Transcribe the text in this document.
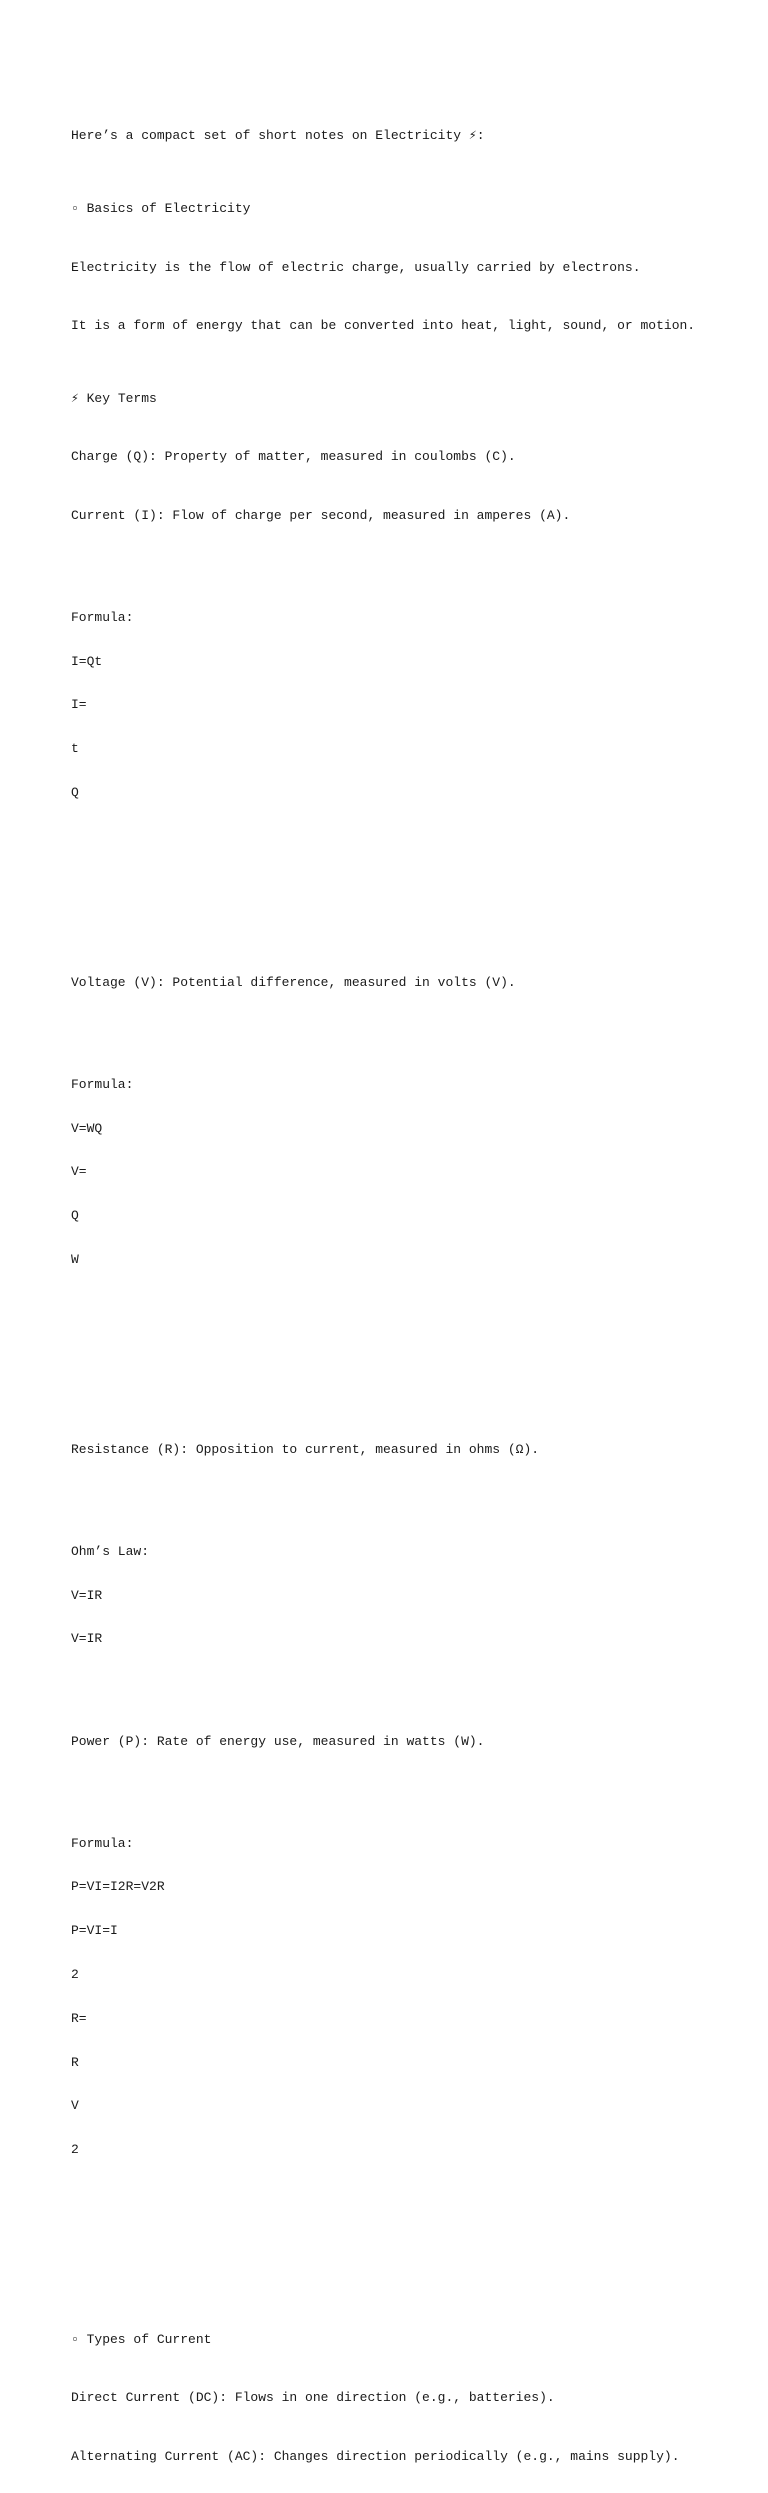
Here’s a compact set of short notes on Electricity ⚡:

▫ Basics of Electricity

Electricity is the flow of electric charge, usually carried by electrons.

It is a form of energy that can be converted into heat, light, sound, or motion.

⚡ Key Terms

Charge (Q): Property of matter, measured in coulombs (C).

Current (I): Flow of charge per second, measured in amperes (A).

Formula:

I=Qt

I=

t

Q

Voltage (V): Potential difference, measured in volts (V).

Formula:

V=WQ

V=

Q

W

Resistance (R): Opposition to current, measured in ohms (Ω).

Ohm’s Law:

V=IR

V=IR

Power (P): Rate of energy use, measured in watts (W).

Formula:

P=VI=I2R=V2R

P=VI=I

2

R=

R

V

2

▫ Types of Current

Direct Current (DC): Flows in one direction (e.g., batteries).

Alternating Current (AC): Changes direction periodically (e.g., mains supply).
